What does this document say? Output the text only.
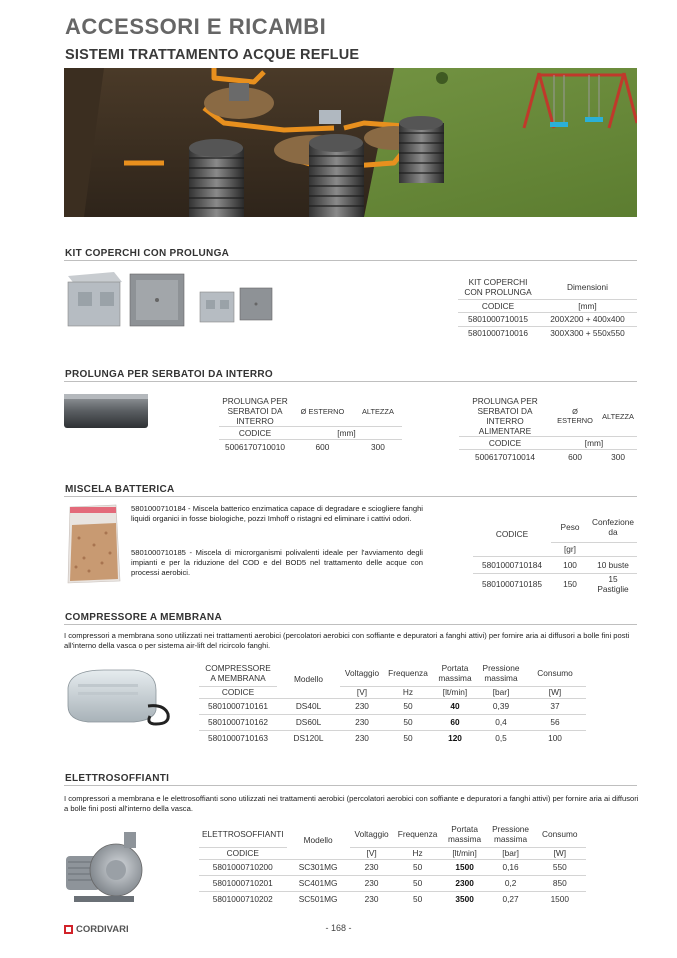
ACCESSORI E RICAMBI
SISTEMI TRATTAMENTO ACQUE REFLUE
KIT COPERCHI CON PROLUNGA
KIT COPERCHI CON PROLUNGA	Dimensioni
CODICE	[mm]
5801000710015	200X200 + 400x400
5801000710016	300X300 + 550x550
PROLUNGA PER SERBATOI DA INTERRO
PROLUNGA PER SERBATOI DA INTERRO	Ø ESTERNO	ALTEZZA
CODICE	[mm]	
5006170710010	600	300
PROLUNGA PER SERBATOI DA INTERRO ALIMENTARE	Ø ESTERNO	ALTEZZA
CODICE	[mm]	
5006170710014	600	300
MISCELA BATTERICA
5801000710184 - Miscela batterico enzimatica capace di degradare e sciogliere fanghi liquidi organici in fosse biologiche, pozzi Imhoff o ristagni ed eliminare i cattivi odori.
5801000710185 - Miscela di microrganismi polivalenti ideale per l'avviamento degli impianti e per la riduzione del COD e del BOD5 nel trattamento delle acque con processi aerobici.
CODICE	Peso	Confezione da
	[gr]	
5801000710184	100	10 buste
5801000710185	150	15 Pastiglie
COMPRESSORE A MEMBRANA
I compressori a membrana sono utilizzati nei trattamenti aerobici (percolatori aerobici con soffiante e depuratori a fanghi attivi) per fornire aria ai diffusori a bolle fini posti all'interno della vasca o per sistema air-lift del ricircolo fanghi.
COMPRESSORE A MEMBRANA	Modello	Voltaggio	Frequenza	Portata massima	Pressione massima	Consumo
CODICE		[V]	Hz	[lt/min]	[bar]	[W]
5801000710161	DS40L	230	50	40	0,39	37
5801000710162	DS60L	230	50	60	0,4	56
5801000710163	DS120L	230	50	120	0,5	100
ELETTROSOFFIANTI
I compressori a membrana e le elettrosoffianti sono utilizzati nei trattamenti aerobici (percolatori aerobici con soffiante e depuratori a fanghi attivi) per fornire aria ai diffusori a bolle fini posti all'interno della vasca.
ELETTROSOFFIANTI	Modello	Voltaggio	Frequenza	Portata massima	Pressione massima	Consumo
CODICE		[V]	Hz	[lt/min]	[bar]	[W]
5801000710200	SC301MG	230	50	1500	0,16	550
5801000710201	SC401MG	230	50	2300	0,2	850
5801000710202	SC501MG	230	50	3500	0,27	1500
CORDIVARI	- 168 -
